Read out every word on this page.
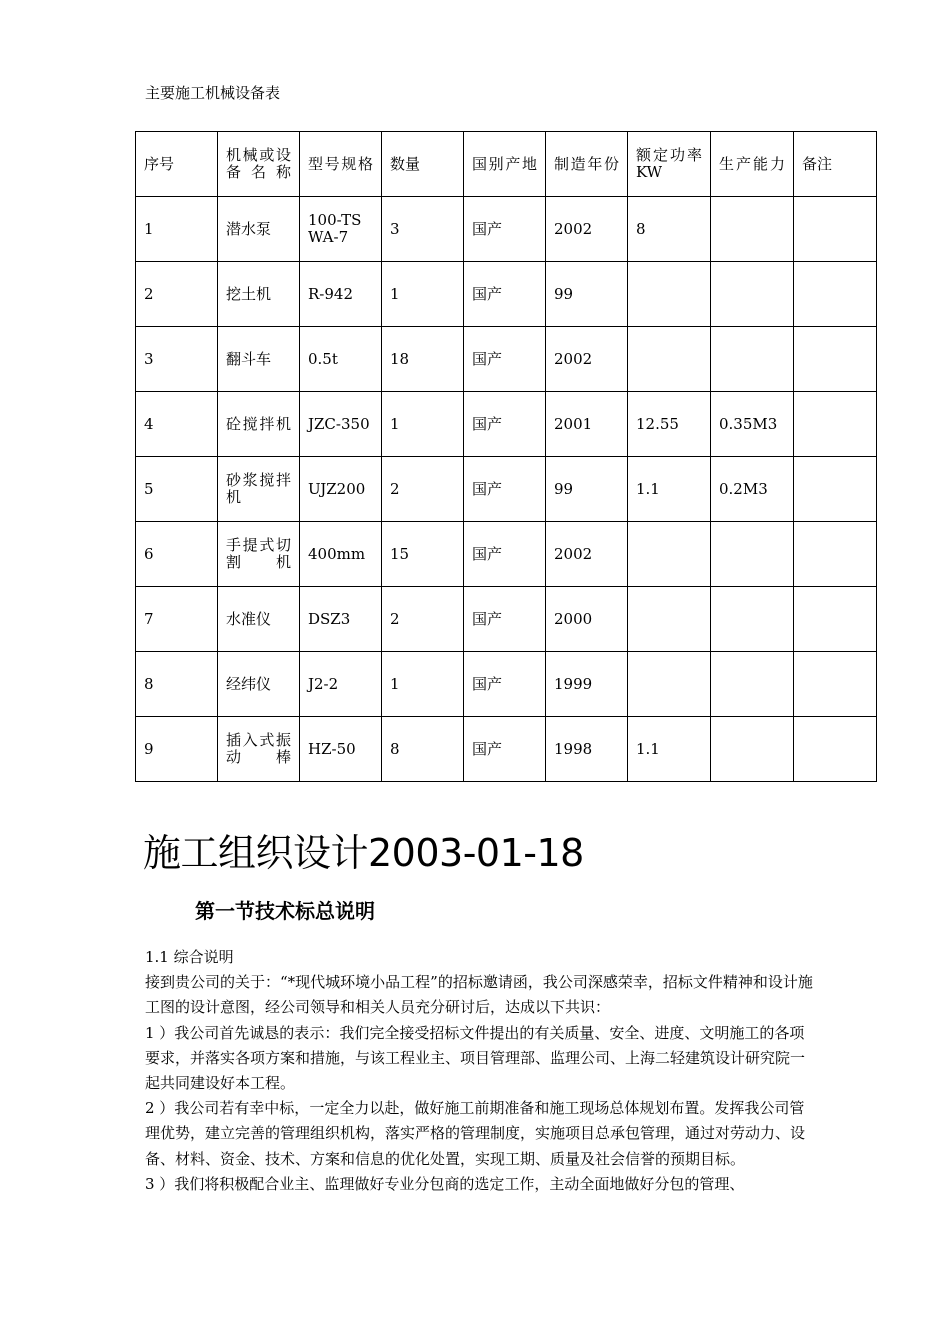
主要施工机械设备表
序号	机械或设备名称	型号规格	数量	国别产地	制造年份	额定功率KW	生产能力	备注
1	潜水泵	100-TSWA-7	3	国产	2002	8		
2	挖土机	R-942	1	国产	99			
3	翻斗车	0.5t	18	国产	2002			
4	砼搅拌机	JZC-350	1	国产	2001	12.55	0.35M3	
5	砂浆搅拌机	UJZ200	2	国产	99	1.1	0.2M3	
6	手提式切割机	400mm	15	国产	2002			
7	水准仪	DSZ3	2	国产	2000			
8	经纬仪	J2-2	1	国产	1999			
9	插入式振动棒	HZ-50	8	国产	1998	1.1		
施工组织设计2003-01-18
第一节技术标总说明

1.1 综合说明

接到贵公司的关于：“*现代城环境小品工程”的招标邀请函，我公司深感荣幸，招标文件精神和设计施工图的设计意图，经公司领导和相关人员充分研讨后，达成以下共识：

1 ）我公司首先诚恳的表示：我们完全接受招标文件提出的有关质量、安全、进度、文明施工的各项要求，并落实各项方案和措施，与该工程业主、项目管理部、监理公司、上海二轻建筑设计研究院一起共同建设好本工程。

2 ）我公司若有幸中标，一定全力以赴，做好施工前期准备和施工现场总体规划布置。发挥我公司管理优势，建立完善的管理组织机构，落实严格的管理制度，实施项目总承包管理，通过对劳动力、设备、材料、资金、技术、方案和信息的优化处置，实现工期、质量及社会信誉的预期目标。

3 ）我们将积极配合业主、监理做好专业分包商的选定工作，主动全面地做好分包的管理、
